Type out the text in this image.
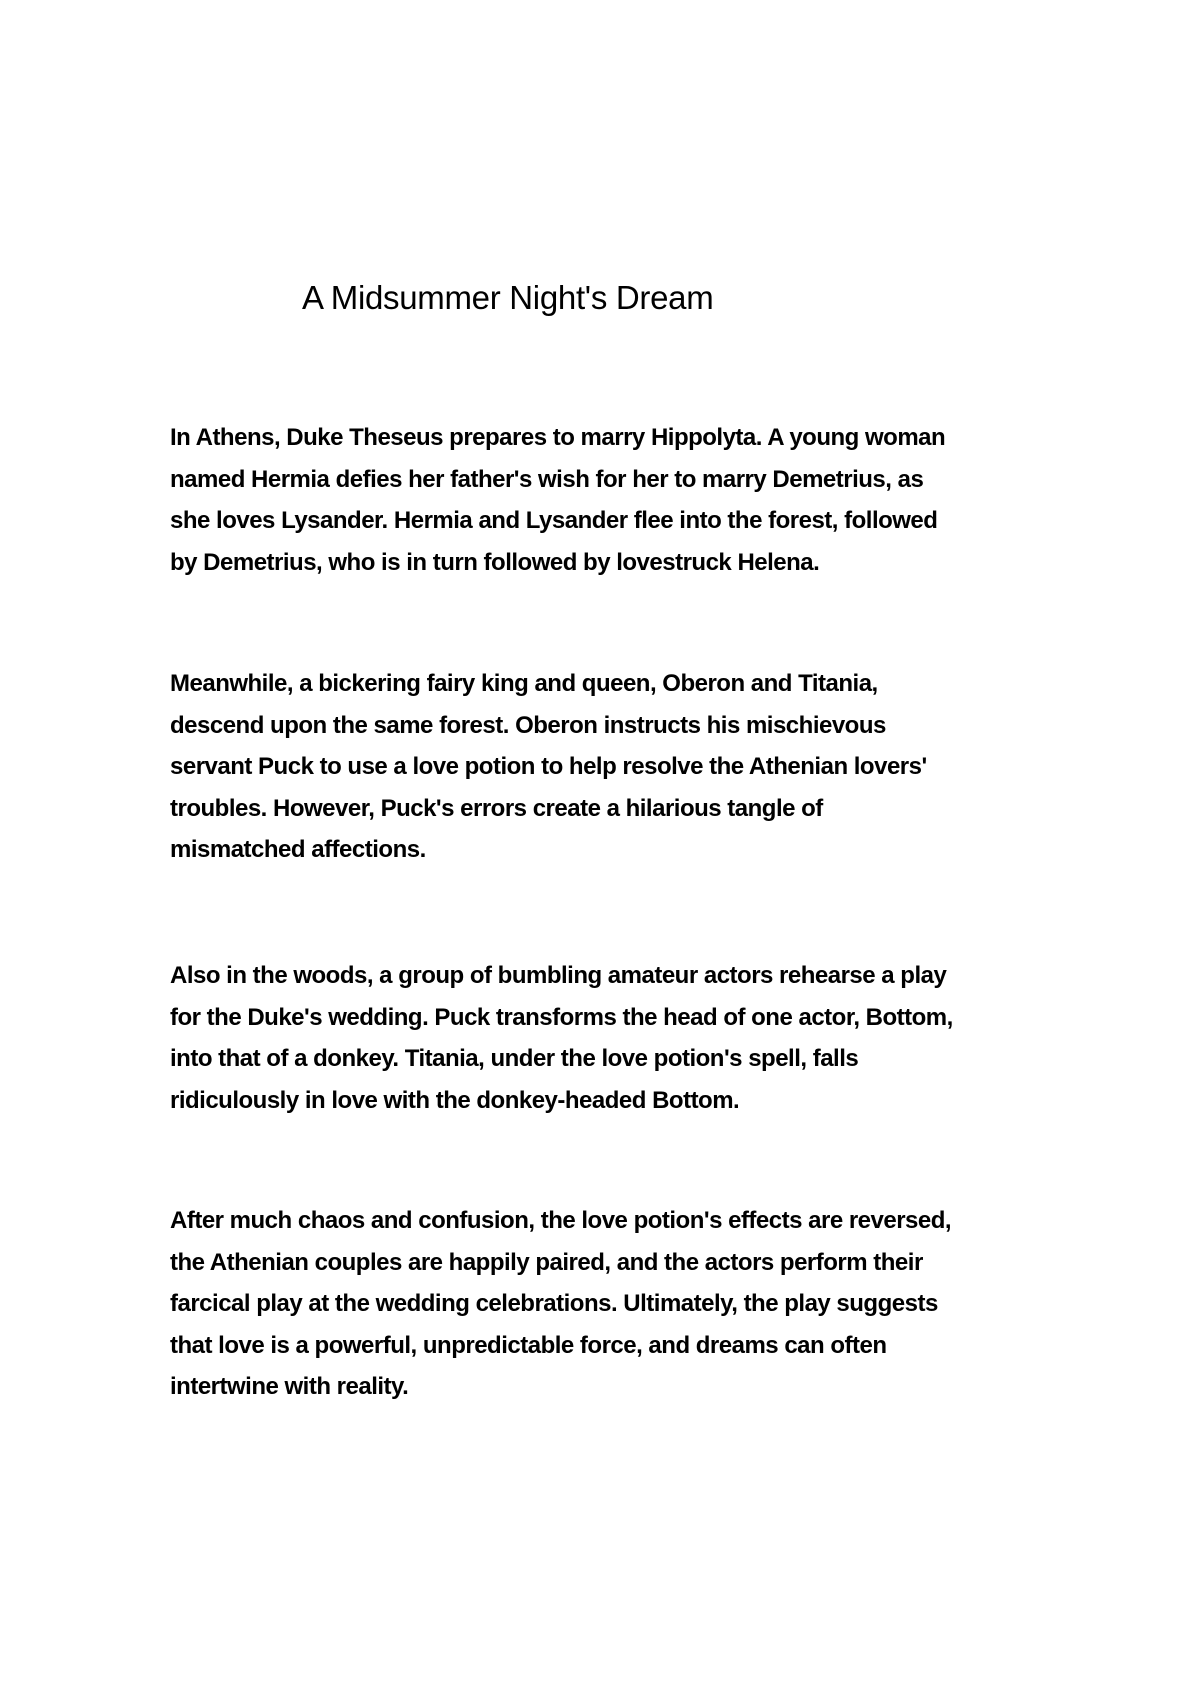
A Midsummer Night's Dream
In Athens, Duke Theseus prepares to marry Hippolyta. A young woman
named Hermia defies her father's wish for her to marry Demetrius, as
she loves Lysander. Hermia and Lysander flee into the forest, followed
by Demetrius, who is in turn followed by lovestruck Helena.
Meanwhile, a bickering fairy king and queen, Oberon and Titania,
descend upon the same forest. Oberon instructs his mischievous
servant Puck to use a love potion to help resolve the Athenian lovers'
troubles. However, Puck's errors create a hilarious tangle of
mismatched affections.
Also in the woods, a group of bumbling amateur actors rehearse a play
for the Duke's wedding. Puck transforms the head of one actor, Bottom,
into that of a donkey. Titania, under the love potion's spell, falls
ridiculously in love with the donkey-headed Bottom.
After much chaos and confusion, the love potion's effects are reversed,
the Athenian couples are happily paired, and the actors perform their
farcical play at the wedding celebrations. Ultimately, the play suggests
that love is a powerful, unpredictable force, and dreams can often
intertwine with reality.
